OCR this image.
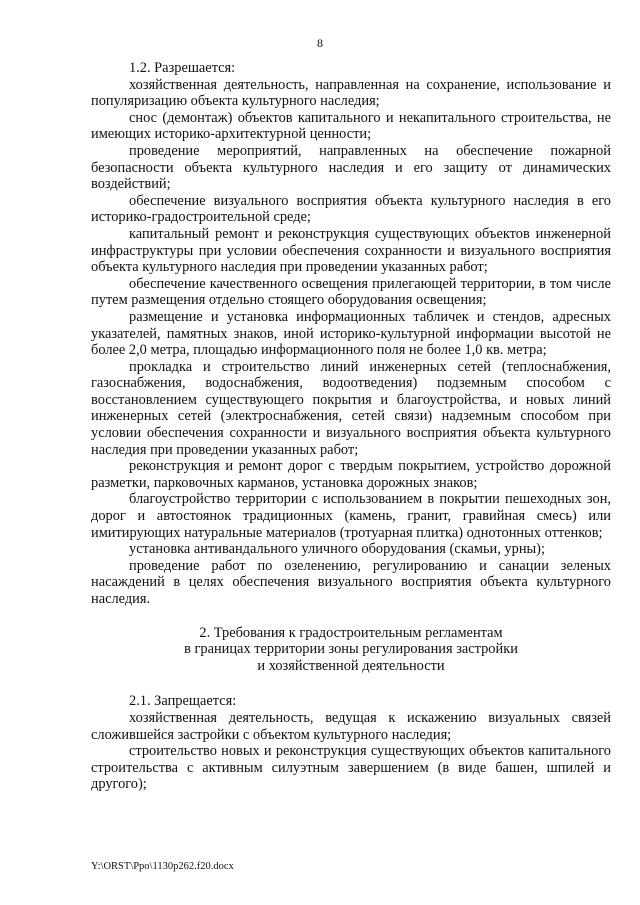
8

1.2. Разрешается:

хозяйственная деятельность, направленная на сохранение, использование и популяризацию объекта культурного наследия;

снос (демонтаж) объектов капитального и некапитального строительства, не имеющих историко-архитектурной ценности;

проведение мероприятий, направленных на обеспечение пожарной безопасности объекта культурного наследия и его защиту от динамических воздействий;

обеспечение визуального восприятия объекта культурного наследия в его историко-градостроительной среде;

капитальный ремонт и реконструкция существующих объектов инженерной инфраструктуры при условии обеспечения сохранности и визуального восприятия объекта культурного наследия при проведении указанных работ;

обеспечение качественного освещения прилегающей территории, в том числе путем размещения отдельно стоящего оборудования освещения;

размещение и установка информационных табличек и стендов, адресных указателей, памятных знаков, иной историко-культурной информации высотой не более 2,0 метра, площадью информационного поля не более 1,0 кв. метра;

прокладка и строительство линий инженерных сетей (теплоснабжения, газоснабжения, водоснабжения, водоотведения) подземным способом с восстановлением существующего покрытия и благоустройства, и новых линий инженерных сетей (электроснабжения, сетей связи) надземным способом при условии обеспечения сохранности и визуального восприятия объекта культурного наследия при проведении указанных работ;

реконструкция и ремонт дорог с твердым покрытием, устройство дорожной разметки, парковочных карманов, установка дорожных знаков;

благоустройство территории с использованием в покрытии пешеходных зон, дорог и автостоянок традиционных (камень, гранит, гравийная смесь) или имитирующих натуральные материалов (тротуарная плитка) однотонных оттенков;

установка антивандального уличного оборудования (скамьи, урны);

проведение работ по озеленению, регулированию и санации зеленых насаждений в целях обеспечения визуального восприятия объекта культурного наследия.

2. Требования к градостроительным регламентам
в границах территории зоны регулирования застройки
и хозяйственной деятельности

2.1. Запрещается:

хозяйственная деятельность, ведущая к искажению визуальных связей сложившейся застройки с объектом культурного наследия;

строительство новых и реконструкция существующих объектов капитального строительства с активным силуэтным завершением (в виде башен, шпилей и другого);

Y:\ORST\Ppo\1130p262.f20.docx
